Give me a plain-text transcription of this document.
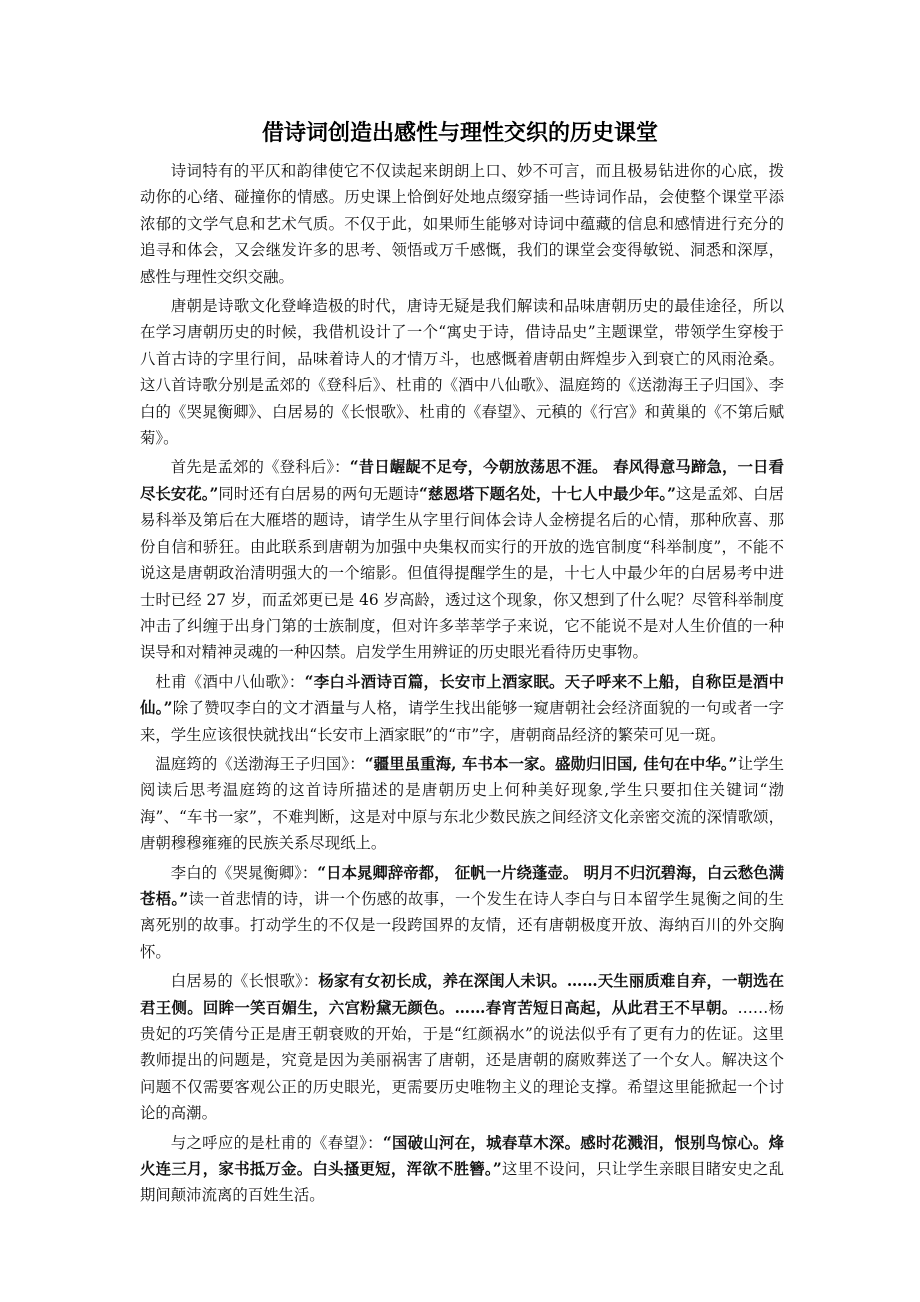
借诗词创造出感性与理性交织的历史课堂

诗词特有的平仄和韵律使它不仅读起来朗朗上口、妙不可言，而且极易钻进你的心底，拨动你的心绪、碰撞你的情感。历史课上恰倒好处地点缀穿插一些诗词作品，会使整个课堂平添浓郁的文学气息和艺术气质。不仅于此，如果师生能够对诗词中蕴藏的信息和感情进行充分的追寻和体会，又会继发许多的思考、领悟或万千感慨，我们的课堂会变得敏锐、洞悉和深厚，感性与理性交织交融。

唐朝是诗歌文化登峰造极的时代，唐诗无疑是我们解读和品味唐朝历史的最佳途径，所以在学习唐朝历史的时候，我借机设计了一个“寓史于诗，借诗品史”主题课堂，带领学生穿梭于八首古诗的字里行间，品味着诗人的才情万斗，也感慨着唐朝由辉煌步入到衰亡的风雨沧桑。这八首诗歌分别是孟郊的《登科后》、杜甫的《酒中八仙歌》、温庭筠的《送渤海王子归国》、李白的《哭晁衡卿》、白居易的《长恨歌》、杜甫的《春望》、元稹的《行宫》和黄巢的《不第后赋菊》。

首先是孟郊的《登科后》：“昔日龌龊不足夸，今朝放荡思不涯。 春风得意马蹄急，一日看尽长安花。”同时还有白居易的两句无题诗“慈恩塔下题名处，十七人中最少年。”这是孟郊、白居易科举及第后在大雁塔的题诗，请学生从字里行间体会诗人金榜提名后的心情，那种欣喜、那份自信和骄狂。由此联系到唐朝为加强中央集权而实行的开放的选官制度“科举制度”，不能不说这是唐朝政治清明强大的一个缩影。但值得提醒学生的是，十七人中最少年的白居易考中进士时已经 27 岁，而孟郊更已是 46 岁高龄，透过这个现象，你又想到了什么呢？尽管科举制度冲击了纠缠于出身门第的士族制度，但对许多莘莘学子来说，它不能说不是对人生价值的一种误导和对精神灵魂的一种囚禁。启发学生用辨证的历史眼光看待历史事物。

杜甫《酒中八仙歌》：“李白斗酒诗百篇，长安市上酒家眠。天子呼来不上船，自称臣是酒中仙。”除了赞叹李白的文才酒量与人格，请学生找出能够一窥唐朝社会经济面貌的一句或者一字来，学生应该很快就找出“长安市上酒家眠”的“市”字，唐朝商品经济的繁荣可见一斑。

温庭筠的《送渤海王子归国》：“疆里虽重海, 车书本一家。盛勋归旧国, 佳句在中华。”让学生阅读后思考温庭筠的这首诗所描述的是唐朝历史上何种美好现象,学生只要扣住关键词“渤海”、“车书一家”，不难判断，这是对中原与东北少数民族之间经济文化亲密交流的深情歌颂，唐朝穆穆雍雍的民族关系尽现纸上。

李白的《哭晁衡卿》：“日本晁卿辞帝都， 征帆一片绕蓬壶。 明月不归沉碧海，白云愁色满苍梧。”读一首悲情的诗，讲一个伤感的故事，一个发生在诗人李白与日本留学生晁衡之间的生离死别的故事。打动学生的不仅是一段跨国界的友情，还有唐朝极度开放、海纳百川的外交胸怀。

白居易的《长恨歌》：杨家有女初长成，养在深闺人未识。……天生丽质难自弃，一朝选在君王侧。回眸一笑百媚生，六宫粉黛无颜色。……春宵苦短日高起，从此君王不早朝。……杨贵妃的巧笑倩兮正是唐王朝衰败的开始，于是“红颜祸水”的说法似乎有了更有力的佐证。这里教师提出的问题是，究竟是因为美丽祸害了唐朝，还是唐朝的腐败葬送了一个女人。解决这个问题不仅需要客观公正的历史眼光，更需要历史唯物主义的理论支撑。希望这里能掀起一个讨论的高潮。

与之呼应的是杜甫的《春望》：“国破山河在，城春草木深。感时花溅泪，恨别鸟惊心。烽火连三月，家书抵万金。白头搔更短，浑欲不胜簪。”这里不设问，只让学生亲眼目睹安史之乱期间颠沛流离的百姓生活。
